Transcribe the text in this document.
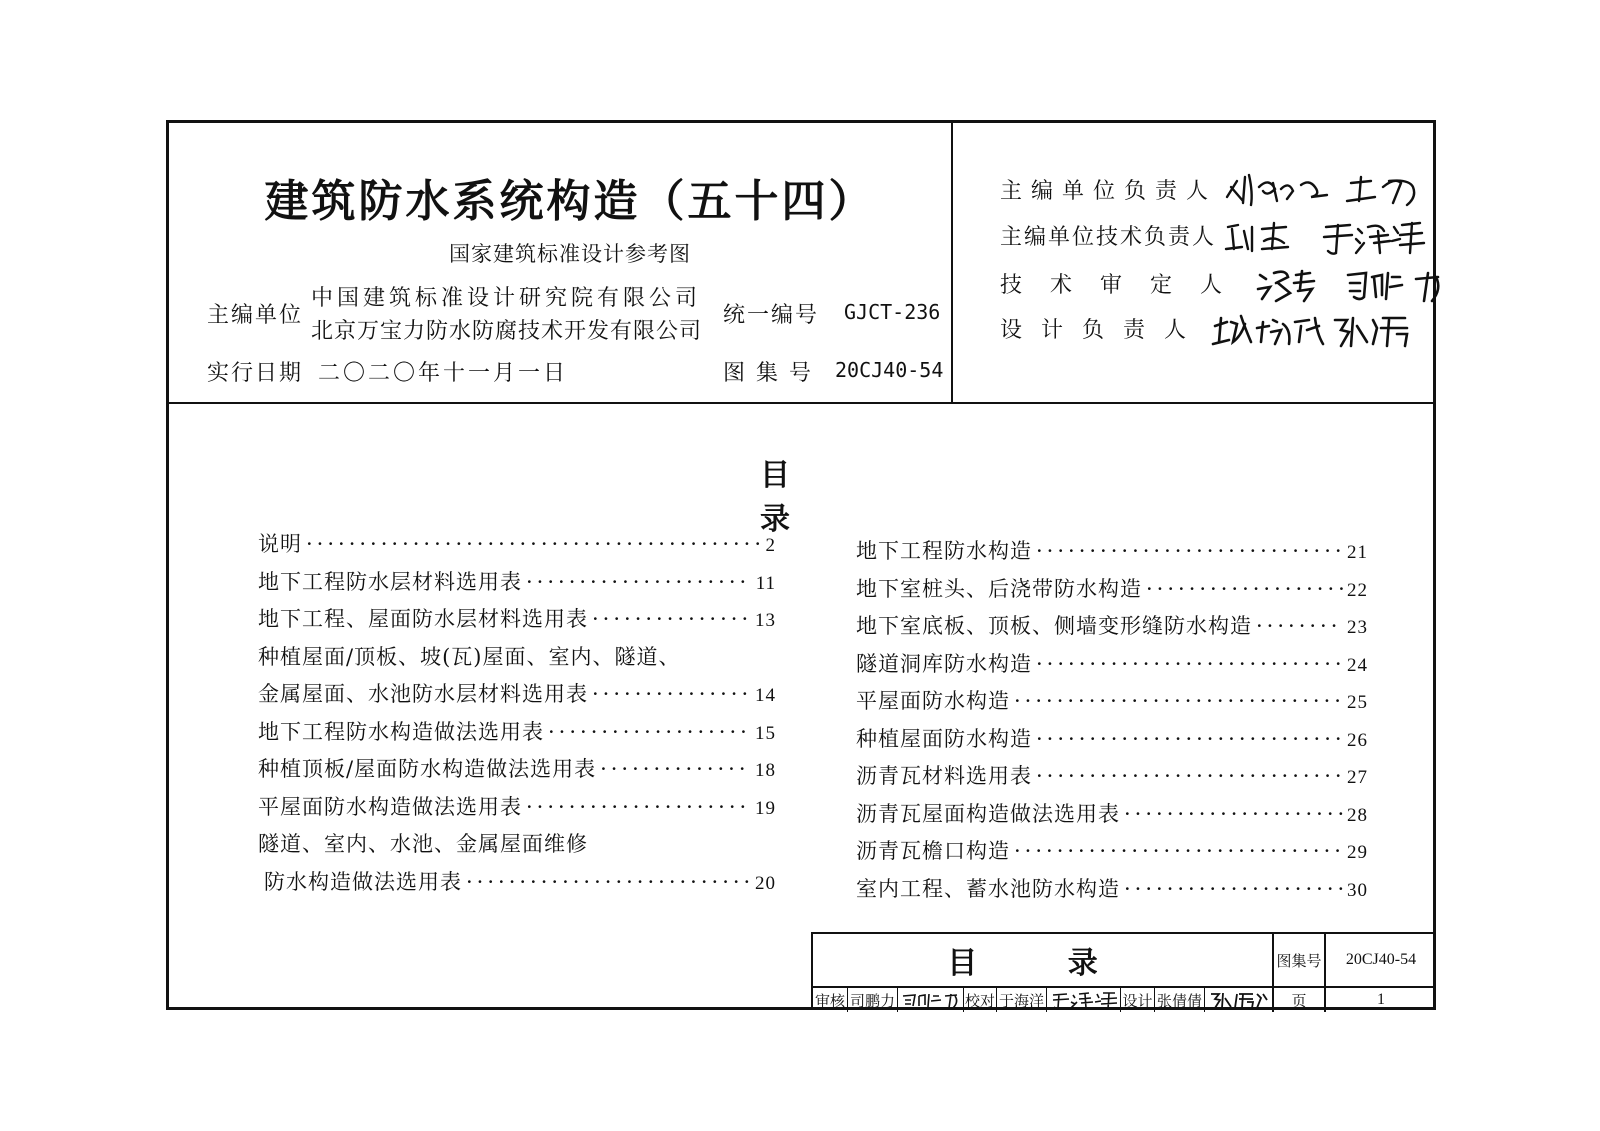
建筑防水系统构造（五十四）
国家建筑标准设计参考图
主编单位
中国建筑标准设计研究院有限公司
北京万宝力防水防腐技术开发有限公司
统一编号 GJCT-236
实行日期 二〇二〇年十一月一日	图 集 号 20CJ40-54
主编单位负责人
主编单位技术负责人
技术审定人
设计负责人
目 录
说明 ·····	2
地下工程防水层材料选用表 ·····	11
地下工程、屋面防水层材料选用表 ·····	13
种植屋面/顶板、坡(瓦)屋面、室内、隧道、
金属屋面、水池防水层材料选用表 ·····	14
地下工程防水构造做法选用表 ·····	15
种植顶板/屋面防水构造做法选用表 ·····	18
平屋面防水构造做法选用表 ·····	19
隧道、室内、水池、金属屋面维修
防水构造做法选用表 ·····	20
地下工程防水构造 ·····	21
地下室桩头、后浇带防水构造 ·····	22
地下室底板、顶板、侧墙变形缝防水构造 ·····	23
隧道洞库防水构造 ·····	24
平屋面防水构造 ·····	25
种植屋面防水构造 ·····	26
沥青瓦材料选用表 ·····	27
沥青瓦屋面构造做法选用表 ·····	28
沥青瓦檐口构造 ·····	29
室内工程、蓄水池防水构造 ·····	30
目 录	图集号	20CJ40-54
审核 司鹏力	校对 于海洋	设计 张倩倩	页	1
